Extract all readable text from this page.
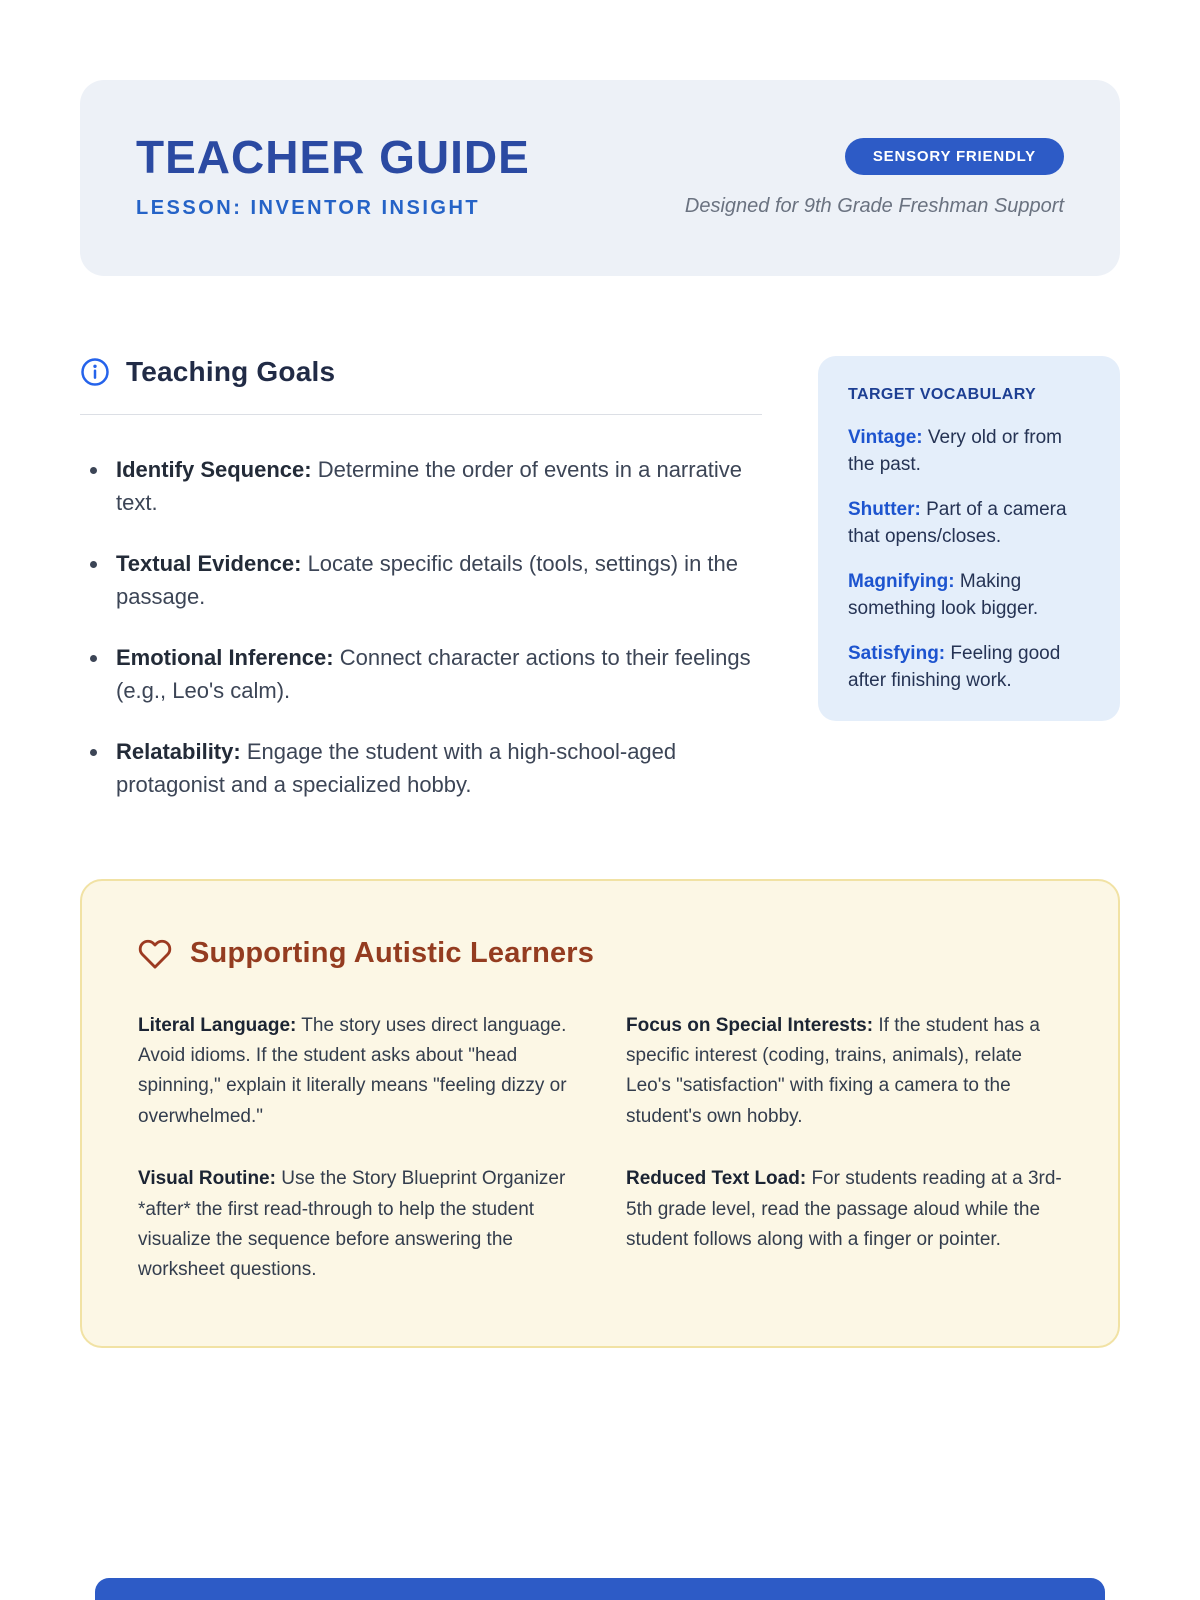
TEACHER GUIDE
LESSON: INVENTOR INSIGHT
SENSORY FRIENDLY
Designed for 9th Grade Freshman Support
Teaching Goals
• Identify Sequence: Determine the order of events in a narrative text.
• Textual Evidence: Locate specific details (tools, settings) in the passage.
• Emotional Inference: Connect character actions to their feelings (e.g., Leo's calm).
• Relatability: Engage the student with a high-school-aged protagonist and a specialized hobby.
TARGET VOCABULARY

Vintage: Very old or from the past.

Shutter: Part of a camera that opens/closes.

Magnifying: Making something look bigger.

Satisfying: Feeling good after finishing work.

Supporting Autistic Learners

Literal Language: The story uses direct language. Avoid idioms. If the student asks about "head spinning," explain it literally means "feeling dizzy or overwhelmed."

Visual Routine: Use the Story Blueprint Organizer *after* the first read-through to help the student visualize the sequence before answering the worksheet questions.

Focus on Special Interests: If the student has a specific interest (coding, trains, animals), relate Leo's "satisfaction" with fixing a camera to the student's own hobby.

Reduced Text Load: For students reading at a 3rd-5th grade level, read the passage aloud while the student follows along with a finger or pointer.
